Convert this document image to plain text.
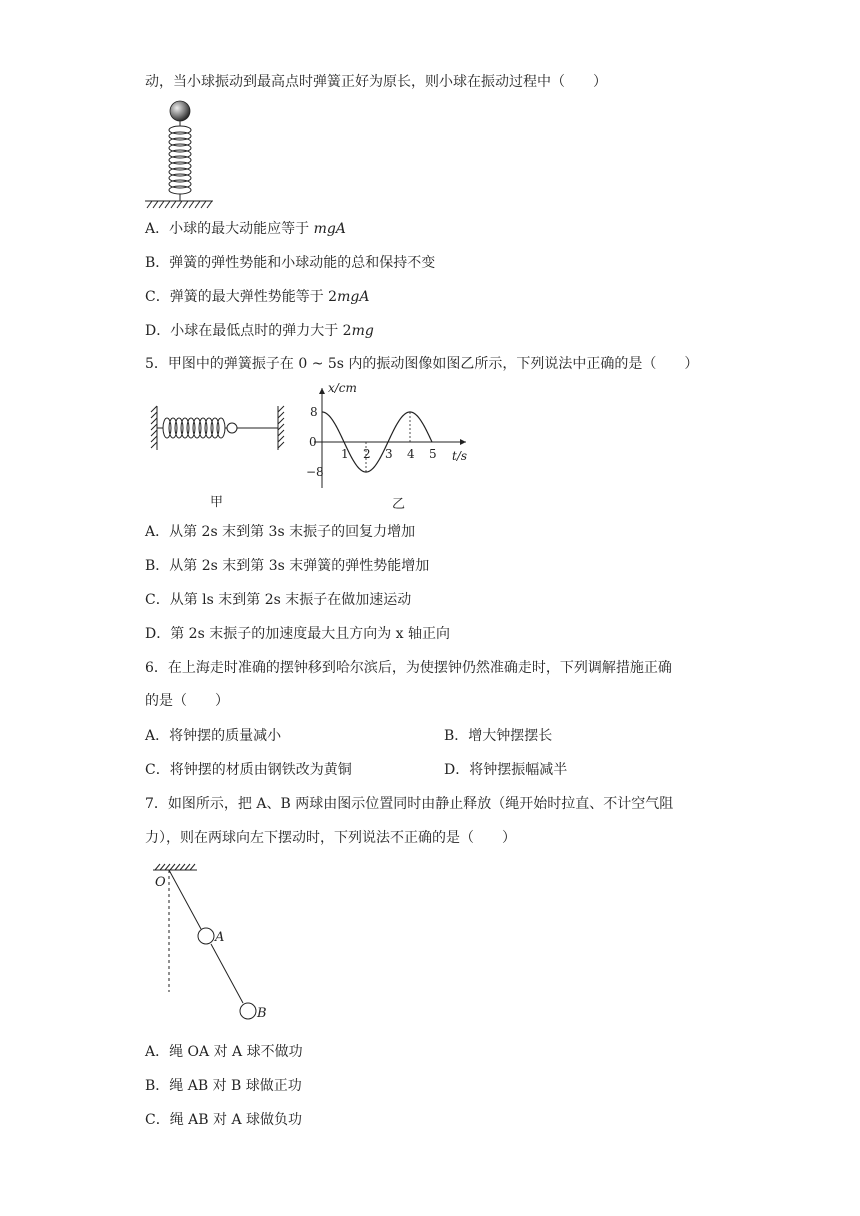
动，当小球振动到最高点时弹簧正好为原长，则小球在振动过程中（　　）
A．小球的最大动能应等于 mgA
B．弹簧的弹性势能和小球动能的总和保持不变
C．弹簧的最大弹性势能等于 2mgA
D．小球在最低点时的弹力大于 2mg
5．甲图中的弹簧振子在 0 ~ 5s 内的振动图像如图乙所示，下列说法中正确的是（　　）
甲
x/cm
t/s
0
1 2 3 4 5
8
−8
乙
A．从第 2s 末到第 3s 末振子的回复力增加
B．从第 2s 末到第 3s 末弹簧的弹性势能增加
C．从第 ls 末到第 2s 末振子在做加速运动
D．第 2s 末振子的加速度最大且方向为 x 轴正向
6．在上海走时准确的摆钟移到哈尔滨后，为使摆钟仍然准确走时，下列调解措施正确
的是（　　）
A．将钟摆的质量减小	B．增大钟摆摆长
C．将钟摆的材质由钢铁改为黄铜	D．将钟摆振幅减半
7．如图所示，把 A、B 两球由图示位置同时由静止释放（绳开始时拉直、不计空气阻
力），则在两球向左下摆动时，下列说法不正确的是（　　）
O
A
B
A．绳 OA 对 A 球不做功
B．绳 AB 对 B 球做正功
C．绳 AB 对 A 球做负功
